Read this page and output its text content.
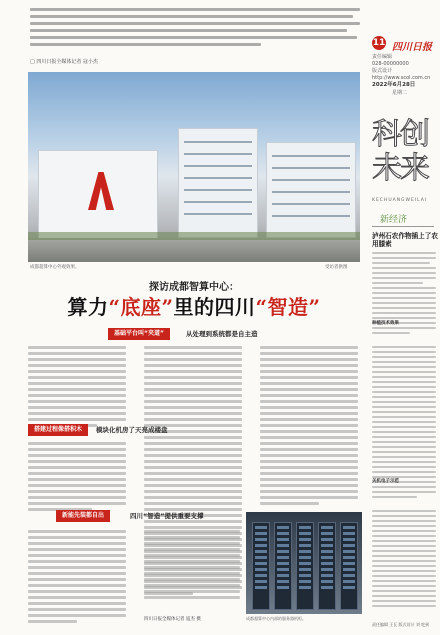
□ 四川日报全媒体记者 寇小杰
11 四川日报
责任编辑
028-00000000
版式设计
http://www.scol.com.cn
2022年6月28日
星期二
成都超算中心外观效果。	受访者供图
科创未来
KECHUANGWEILAI
新经济
泸州石农作物插上了农用膝索
种植技术效果
关机电子示范
责任编辑 王瓦 版式设计 刘 吃到
探访成都智算中心：
算力“底座”里的四川“智造”
基础平台叫“夹道”	从处理到系统都是自主造
搭建过程像搭积木	模块化机房了天亮成楼盘
新能先装都自出	四川“智造”提供重要支撑
成都超算中心内部的服务器机柜。
四川日报全媒体记者 寇杰 摄
